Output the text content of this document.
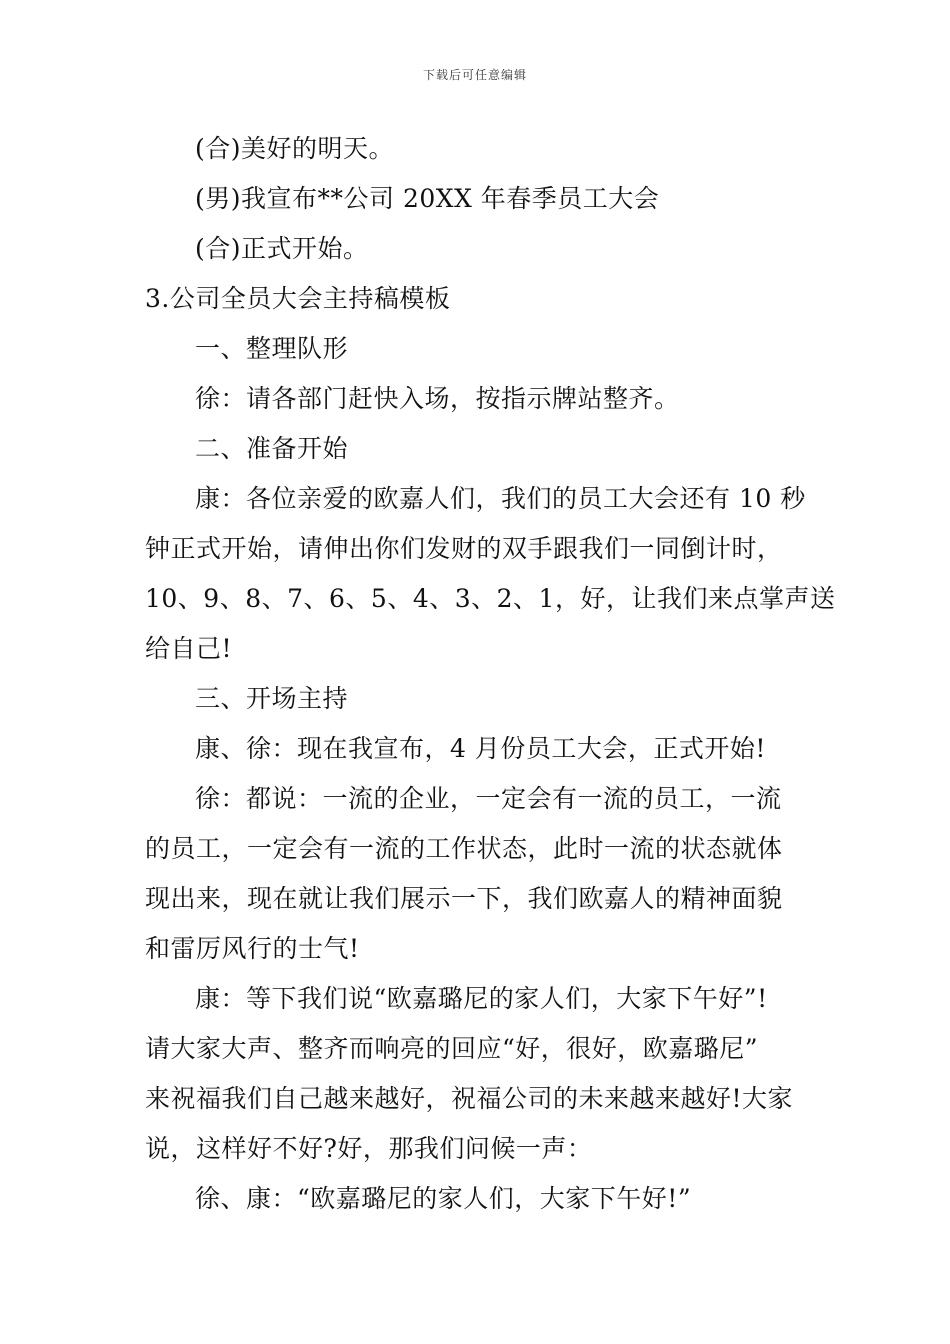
下载后可任意编辑
(合)美好的明天。
(男)我宣布**公司 20XX 年春季员工大会
(合)正式开始。
3.公司全员大会主持稿模板
一、整理队形
徐：请各部门赶快入场，按指示牌站整齐。
二、准备开始
康：各位亲爱的欧嘉人们，我们的员工大会还有 10 秒
钟正式开始，请伸出你们发财的双手跟我们一同倒计时，
10、9、8、7、6、5、4、3、2、1，好，让我们来点掌声送
给自己!
三、开场主持
康、徐：现在我宣布，4 月份员工大会，正式开始!
徐：都说：一流的企业，一定会有一流的员工，一流
的员工，一定会有一流的工作状态，此时一流的状态就体
现出来，现在就让我们展示一下，我们欧嘉人的精神面貌
和雷厉风行的士气!
康：等下我们说“欧嘉璐尼的家人们，大家下午好”!
请大家大声、整齐而响亮的回应“好，很好，欧嘉璐尼”
来祝福我们自己越来越好，祝福公司的未来越来越好!大家
说，这样好不好?好，那我们问候一声：
徐、康：“欧嘉璐尼的家人们，大家下午好!”
